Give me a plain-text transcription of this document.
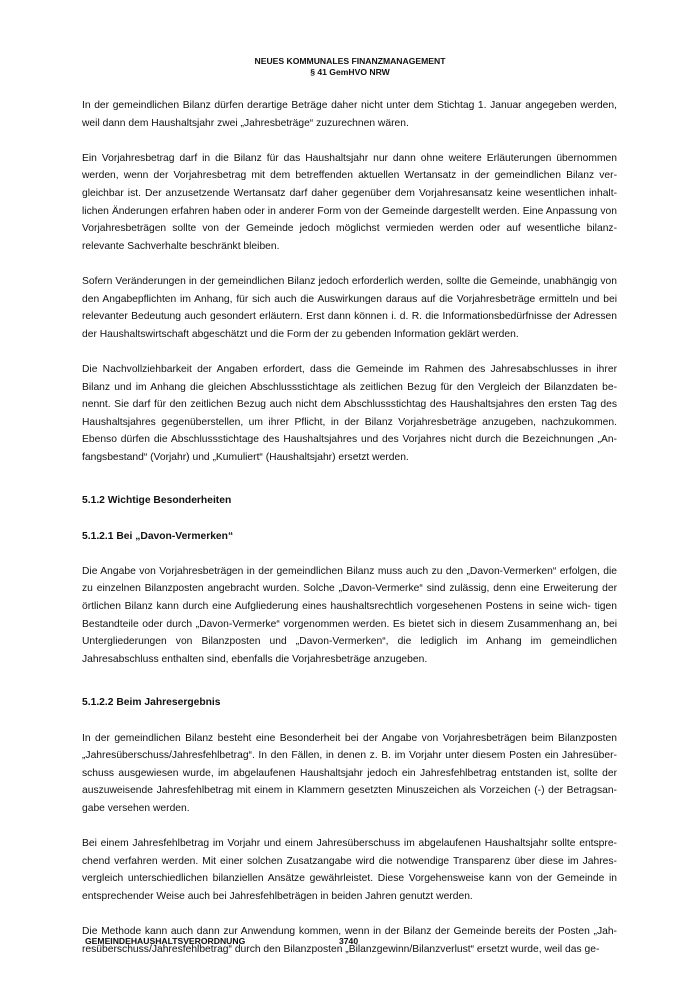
NEUES KOMMUNALES FINANZMANAGEMENT
§ 41 GemHVO NRW

In der gemeindlichen Bilanz dürfen derartige Beträge daher nicht unter dem Stichtag 1. Januar angegeben werden, weil dann dem Haushaltsjahr zwei „Jahresbeträge“ zuzurechnen wären.

Ein Vorjahresbetrag darf in die Bilanz für das Haushaltsjahr nur dann ohne weitere Erläuterungen übernommen werden, wenn der Vorjahresbetrag mit dem betreffenden aktuellen Wertansatz in der gemeindlichen Bilanz ver- gleichbar ist. Der anzusetzende Wertansatz darf daher gegenüber dem Vorjahresansatz keine wesentlichen inhalt- lichen Änderungen erfahren haben oder in anderer Form von der Gemeinde dargestellt werden. Eine Anpassung von Vorjahresbeträgen sollte von der Gemeinde jedoch möglichst vermieden werden oder auf wesentliche bilanz- relevante Sachverhalte beschränkt bleiben.

Sofern Veränderungen in der gemeindlichen Bilanz jedoch erforderlich werden, sollte die Gemeinde, unabhängig von den Angabepflichten im Anhang, für sich auch die Auswirkungen daraus auf die Vorjahresbeträge ermitteln und bei relevanter Bedeutung auch gesondert erläutern. Erst dann können i. d. R. die Informationsbedürfnisse der Adressen der Haushaltswirtschaft abgeschätzt und die Form der zu gebenden Information geklärt werden.

Die Nachvollziehbarkeit der Angaben erfordert, dass die Gemeinde im Rahmen des Jahresabschlusses in ihrer Bilanz und im Anhang die gleichen Abschlussstichtage als zeitlichen Bezug für den Vergleich der Bilanzdaten be- nennt. Sie darf für den zeitlichen Bezug auch nicht dem Abschlussstichtag des Haushaltsjahres den ersten Tag des Haushaltsjahres gegenüberstellen, um ihrer Pflicht, in der Bilanz Vorjahresbeträge anzugeben, nachzukommen. Ebenso dürfen die Abschlussstichtage des Haushaltsjahres und des Vorjahres nicht durch die Bezeichnungen „An- fangsbestand“ (Vorjahr) und „Kumuliert“ (Haushaltsjahr) ersetzt werden.

5.1.2 Wichtige Besonderheiten

5.1.2.1 Bei „Davon-Vermerken“

Die Angabe von Vorjahresbeträgen in der gemeindlichen Bilanz muss auch zu den „Davon-Vermerken“ erfolgen, die zu einzelnen Bilanzposten angebracht wurden. Solche „Davon-Vermerke“ sind zulässig, denn eine Erweiterung der örtlichen Bilanz kann durch eine Aufgliederung eines haushaltsrechtlich vorgesehenen Postens in seine wich- tigen Bestandteile oder durch „Davon-Vermerke“ vorgenommen werden. Es bietet sich in diesem Zusammenhang an, bei Untergliederungen von Bilanzposten und „Davon-Vermerken“, die lediglich im Anhang im gemeindlichen Jahresabschluss enthalten sind, ebenfalls die Vorjahresbeträge anzugeben.

5.1.2.2 Beim Jahresergebnis

In der gemeindlichen Bilanz besteht eine Besonderheit bei der Angabe von Vorjahresbeträgen beim Bilanzposten „Jahresüberschuss/Jahresfehlbetrag“. In den Fällen, in denen z. B. im Vorjahr unter diesem Posten ein Jahresüber- schuss ausgewiesen wurde, im abgelaufenen Haushaltsjahr jedoch ein Jahresfehlbetrag entstanden ist, sollte der auszuweisende Jahresfehlbetrag mit einem in Klammern gesetzten Minuszeichen als Vorzeichen (-) der Betragsan- gabe versehen werden.

Bei einem Jahresfehlbetrag im Vorjahr und einem Jahresüberschuss im abgelaufenen Haushaltsjahr sollte entspre- chend verfahren werden. Mit einer solchen Zusatzangabe wird die notwendige Transparenz über diese im Jahres- vergleich unterschiedlichen bilanziellen Ansätze gewährleistet. Diese Vorgehensweise kann von der Gemeinde in entsprechender Weise auch bei Jahresfehlbeträgen in beiden Jahren genutzt werden.

Die Methode kann auch dann zur Anwendung kommen, wenn in der Bilanz der Gemeinde bereits der Posten „Jah- resüberschuss/Jahresfehlbetrag“ durch den Bilanzposten „Bilanzgewinn/Bilanzverlust“ ersetzt wurde, weil das ge-

GEMEINDEHAUSHALTSVERORDNUNG	3740
